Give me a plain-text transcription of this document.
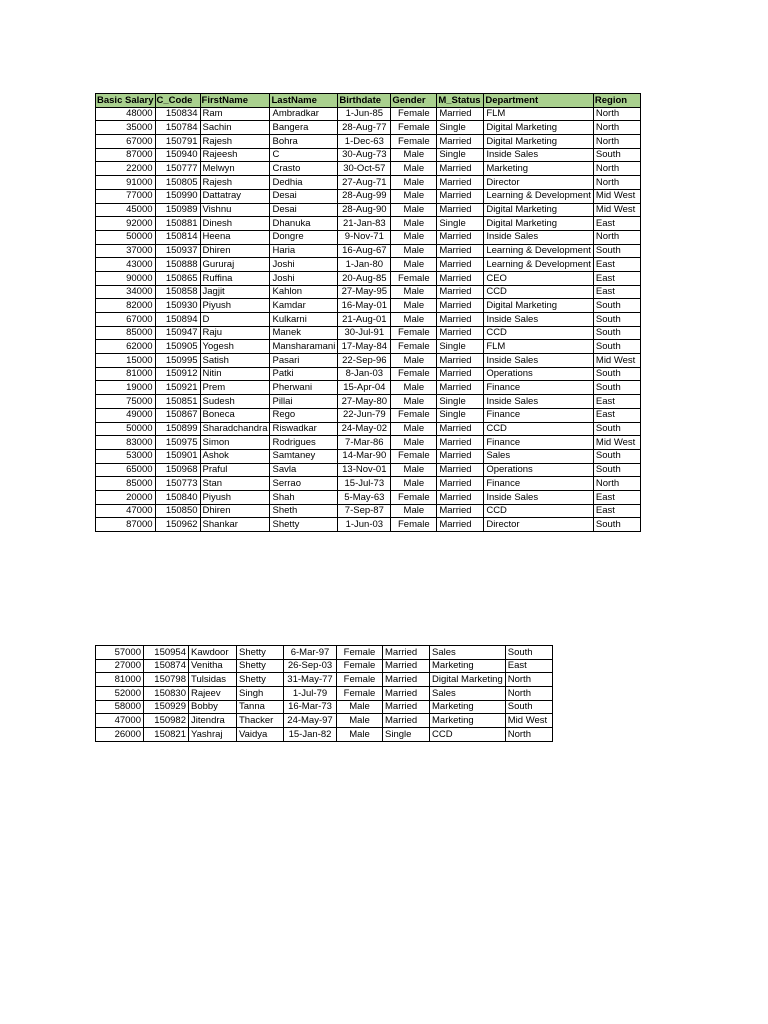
Basic Salary	C_Code	FirstName	LastName	Birthdate	Gender	M_Status	Department	Region
48000	150834	Ram	Ambradkar	1-Jun-85	Female	Married	FLM	North
35000	150784	Sachin	Bangera	28-Aug-77	Female	Single	Digital Marketing	North
67000	150791	Rajesh	Bohra	1-Dec-63	Female	Married	Digital Marketing	North
87000	150940	Rajeesh	C	30-Aug-73	Male	Single	Inside Sales	South
22000	150777	Melwyn	Crasto	30-Oct-57	Male	Married	Marketing	North
91000	150805	Rajesh	Dedhia	27-Aug-71	Male	Married	Director	North
77000	150990	Dattatray	Desai	28-Aug-99	Male	Married	Learning & Development	Mid West
45000	150989	Vishnu	Desai	28-Aug-90	Male	Married	Digital Marketing	Mid West
92000	150881	Dinesh	Dhanuka	21-Jan-83	Male	Single	Digital Marketing	East
50000	150814	Heena	Dongre	9-Nov-71	Male	Married	Inside Sales	North
37000	150937	Dhiren	Haria	16-Aug-67	Male	Married	Learning & Development	South
43000	150888	Gururaj	Joshi	1-Jan-80	Male	Married	Learning & Development	East
90000	150865	Ruffina	Joshi	20-Aug-85	Female	Married	CEO	East
34000	150858	Jagjit	Kahlon	27-May-95	Male	Married	CCD	East
82000	150930	Piyush	Kamdar	16-May-01	Male	Married	Digital Marketing	South
67000	150894	D	Kulkarni	21-Aug-01	Male	Married	Inside Sales	South
85000	150947	Raju	Manek	30-Jul-91	Female	Married	CCD	South
62000	150905	Yogesh	Mansharamani	17-May-84	Female	Single	FLM	South
15000	150995	Satish	Pasari	22-Sep-96	Male	Married	Inside Sales	Mid West
81000	150912	Nitin	Patki	8-Jan-03	Female	Married	Operations	South
19000	150921	Prem	Pherwani	15-Apr-04	Male	Married	Finance	South
75000	150851	Sudesh	Pillai	27-May-80	Male	Single	Inside Sales	East
49000	150867	Boneca	Rego	22-Jun-79	Female	Single	Finance	East
50000	150899	Sharadchandra	Riswadkar	24-May-02	Male	Married	CCD	South
83000	150975	Simon	Rodrigues	7-Mar-86	Male	Married	Finance	Mid West
53000	150901	Ashok	Samtaney	14-Mar-90	Female	Married	Sales	South
65000	150968	Praful	Savla	13-Nov-01	Male	Married	Operations	South
85000	150773	Stan	Serrao	15-Jul-73	Male	Married	Finance	North
20000	150840	Piyush	Shah	5-May-63	Female	Married	Inside Sales	East
47000	150850	Dhiren	Sheth	7-Sep-87	Male	Married	CCD	East
87000	150962	Shankar	Shetty	1-Jun-03	Female	Married	Director	South
57000	150954	Kawdoor	Shetty	6-Mar-97	Female	Married	Sales	South
27000	150874	Venitha	Shetty	26-Sep-03	Female	Married	Marketing	East
81000	150798	Tulsidas	Shetty	31-May-77	Female	Married	Digital Marketing	North
52000	150830	Rajeev	Singh	1-Jul-79	Female	Married	Sales	North
58000	150929	Bobby	Tanna	16-Mar-73	Male	Married	Marketing	South
47000	150982	Jitendra	Thacker	24-May-97	Male	Married	Marketing	Mid West
26000	150821	Yashraj	Vaidya	15-Jan-82	Male	Single	CCD	North
